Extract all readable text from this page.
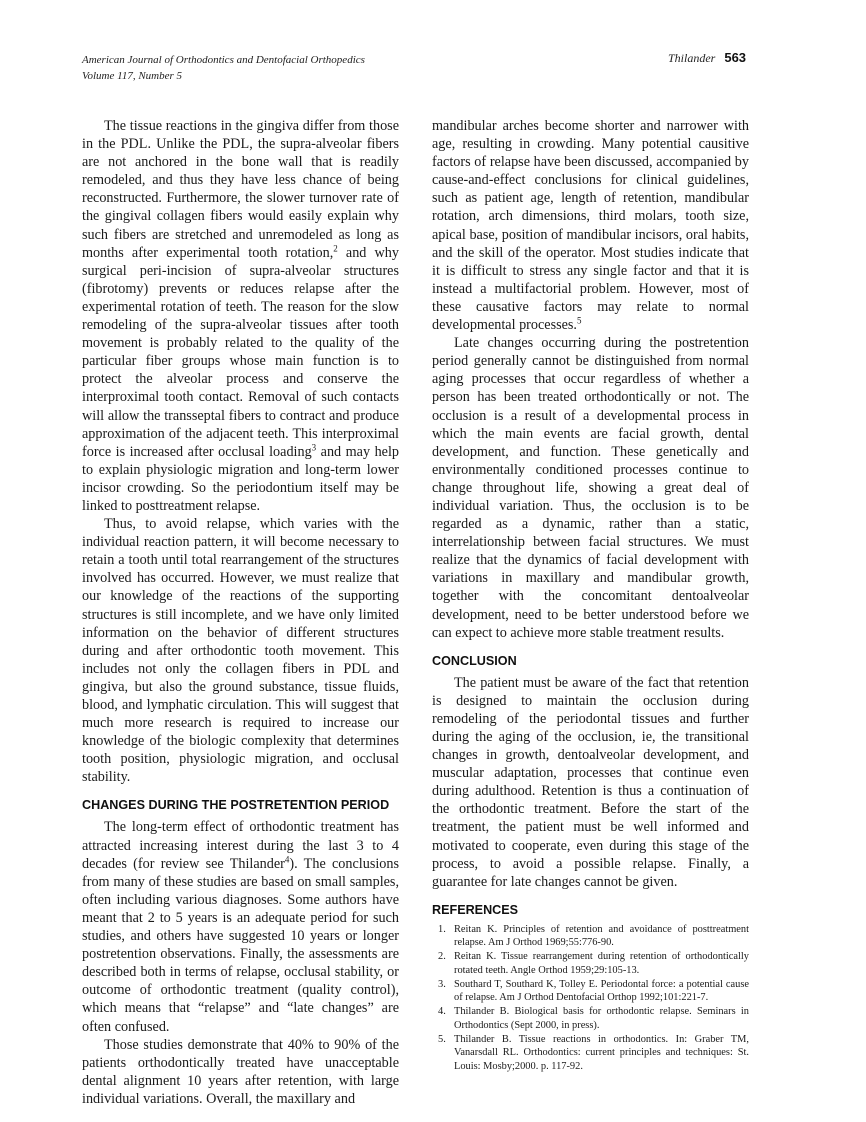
American Journal of Orthodontics and Dentofacial Orthopedics
Volume 117, Number 5
Thilander 563

The tissue reactions in the gingiva differ from those in the PDL. Unlike the PDL, the supra-alveolar fibers are not anchored in the bone wall that is readily remodeled, and thus they have less chance of being reconstructed. Furthermore, the slower turnover rate of the gingival collagen fibers would easily explain why such fibers are stretched and unremodeled as long as months after experimental tooth rotation,$^2$ and why surgical peri-incision of supra-alveolar structures (fibrotomy) prevents or reduces relapse after the experimental rotation of teeth. The reason for the slow remodeling of the supra-alveolar tissues after tooth movement is probably related to the quality of the particular fiber groups whose main function is to protect the alveolar process and conserve the interproximal tooth contact. Removal of such contacts will allow the transseptal fibers to contract and produce approximation of the adjacent teeth. This interproximal force is increased after occlusal loading$^3$ and may help to explain physiologic migration and long-term lower incisor crowding. So the periodontium itself may be linked to posttreatment relapse.

Thus, to avoid relapse, which varies with the individual reaction pattern, it will become necessary to retain a tooth until total rearrangement of the structures involved has occurred. However, we must realize that our knowledge of the reactions of the supporting structures is still incomplete, and we have only limited information on the behavior of different structures during and after orthodontic tooth movement. This includes not only the collagen fibers in PDL and gingiva, but also the ground substance, tissue fluids, blood, and lymphatic circulation. This will suggest that much more research is required to increase our knowledge of the biologic complexity that determines tooth position, physiologic migration, and occlusal stability.

CHANGES DURING THE POSTRETENTION PERIOD

The long-term effect of orthodontic treatment has attracted increasing interest during the last 3 to 4 decades (for review see Thilander$^4$). The conclusions from many of these studies are based on small samples, often including various diagnoses. Some authors have meant that 2 to 5 years is an adequate period for such studies, and others have suggested 10 years or longer postretention observations. Finally, the assessments are described both in terms of relapse, occlusal stability, or outcome of orthodontic treatment (quality control), which means that “relapse” and “late changes” are often confused.

Those studies demonstrate that 40% to 90% of the patients orthodontically treated have unacceptable dental alignment 10 years after retention, with large individual variations. Overall, the maxillary and

mandibular arches become shorter and narrower with age, resulting in crowding. Many potential causitive factors of relapse have been discussed, accompanied by cause-and-effect conclusions for clinical guidelines, such as patient age, length of retention, mandibular rotation, arch dimensions, third molars, tooth size, apical base, position of mandibular incisors, oral habits, and the skill of the operator. Most studies indicate that it is difficult to stress any single factor and that it is instead a multifactorial problem. However, most of these causative factors may relate to normal developmental processes.$^5$

Late changes occurring during the postretention period generally cannot be distinguished from normal aging processes that occur regardless of whether a person has been treated orthodontically or not. The occlusion is a result of a developmental process in which the main events are facial growth, dental development, and function. These genetically and environmentally conditioned processes continue to change throughout life, showing a great deal of individual variation. Thus, the occlusion is to be regarded as a dynamic, rather than a static, interrelationship between facial structures. We must realize that the dynamics of facial development with variations in maxillary and mandibular growth, together with the concomitant dentoalveolar development, need to be better understood before we can expect to achieve more stable treatment results.

CONCLUSION

The patient must be aware of the fact that retention is designed to maintain the occlusion during remodeling of the periodontal tissues and further during the aging of the occlusion, ie, the transitional changes in growth, dentoalveolar development, and muscular adaptation, processes that continue even during adulthood. Retention is thus a continuation of the orthodontic treatment. Before the start of the treatment, the patient must be well informed and motivated to cooperate, even during this stage of the process, to avoid a possible relapse. Finally, a guarantee for late changes cannot be given.

REFERENCES
1. Reitan K. Principles of retention and avoidance of posttreatment relapse. Am J Orthod 1969;55:776-90.
2. Reitan K. Tissue rearrangement during retention of orthodontically rotated teeth. Angle Orthod 1959;29:105-13.
3. Southard T, Southard K, Tolley E. Periodontal force: a potential cause of relapse. Am J Orthod Dentofacial Orthop 1992;101:221-7.
4. Thilander B. Biological basis for orthodontic relapse. Seminars in Orthodontics (Sept 2000, in press).
5. Thilander B. Tissue reactions in orthodontics. In: Graber TM, Vanarsdall RL. Orthodontics: current principles and techniques: St. Louis: Mosby;2000. p. 117-92.
